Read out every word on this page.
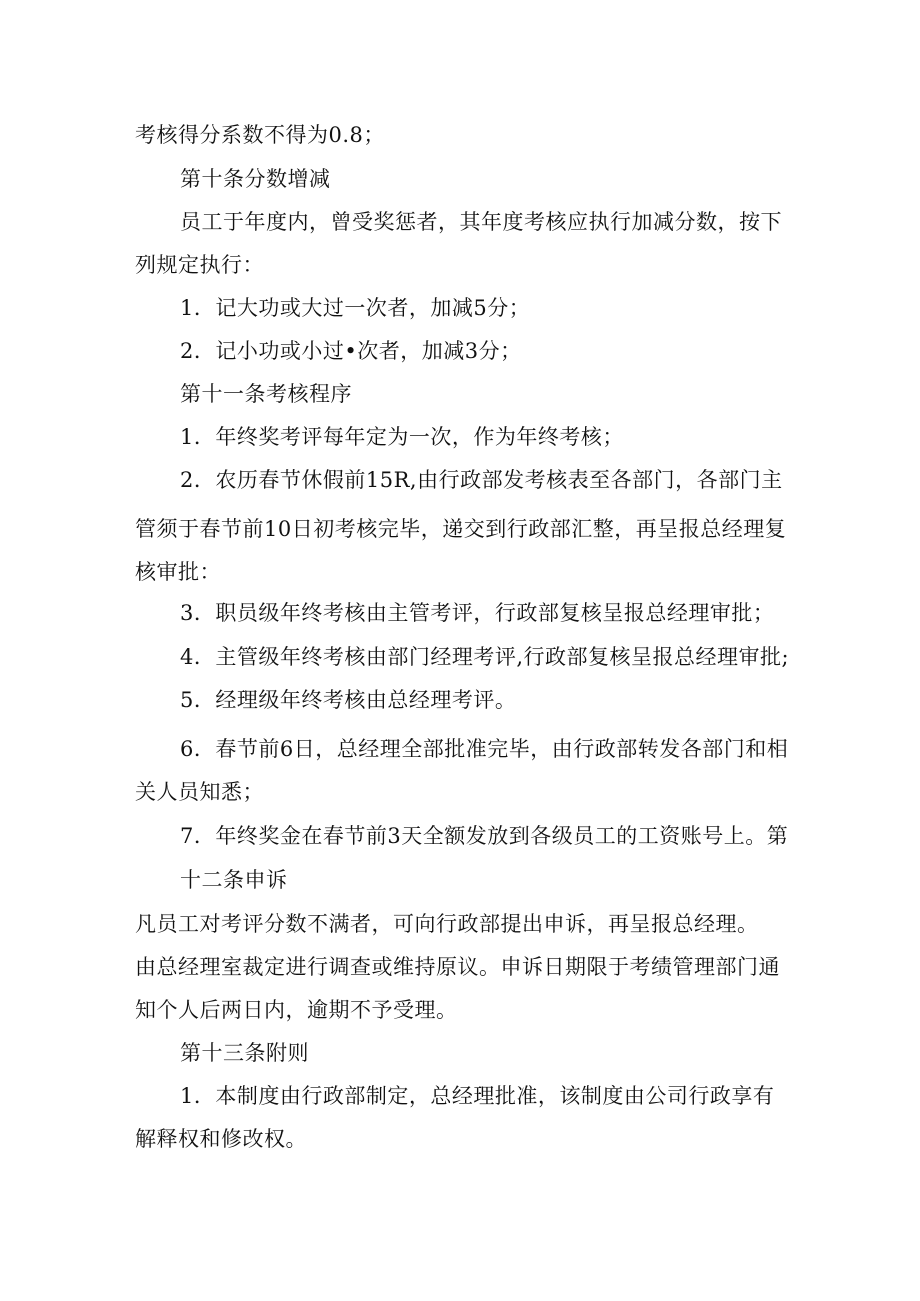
考核得分系数不得为0.8；
第十条分数增减
员工于年度内，曾受奖惩者，其年度考核应执行加减分数，按下
列规定执行：
1．记大功或大过一次者，加减5分；
2．记小功或小过•次者，加减3分；
第十一条考核程序
1．年终奖考评每年定为一次，作为年终考核；
2．农历春节休假前15R,由行政部发考核表至各部门，各部门主
管须于春节前10日初考核完毕，递交到行政部汇整，再呈报总经理复
核审批：
3．职员级年终考核由主管考评，行政部复核呈报总经理审批；
4．主管级年终考核由部门经理考评,行政部复核呈报总经理审批;
5．经理级年终考核由总经理考评。
6．春节前6日，总经理全部批准完毕，由行政部转发各部门和相
关人员知悉；
7．年终奖金在春节前3天全额发放到各级员工的工资账号上。第
十二条申诉
凡员工对考评分数不满者，可向行政部提出申诉，再呈报总经理。
由总经理室裁定进行调查或维持原议。申诉日期限于考绩管理部门通
知个人后两日内，逾期不予受理。
第十三条附则
1．本制度由行政部制定，总经理批准，该制度由公司行政享有
解释权和修改权。
